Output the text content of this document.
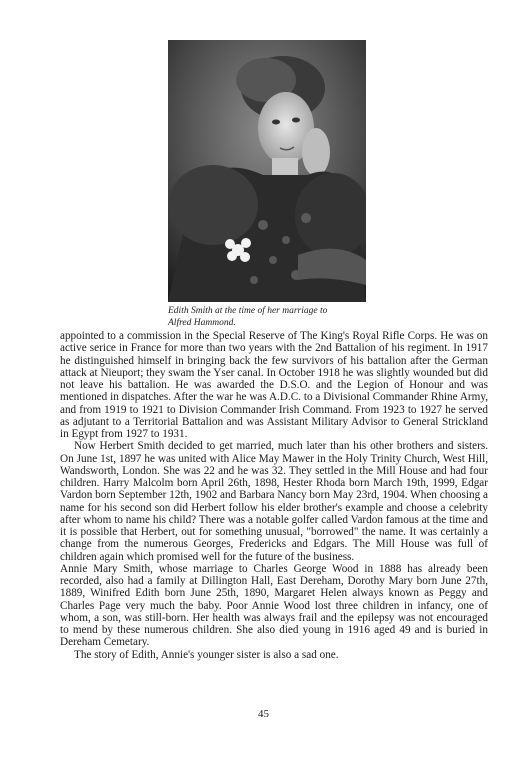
Edith Smith at the time of her marriage to
Alfred Hammond.

appointed to a commission in the Special Reserve of The King's Royal Rifle Corps. He was on active serice in France for more than two years with the 2nd Battalion of his regiment. In 1917 he distinguished himself in bringing back the few survivors of his battalion after the German attack at Nieuport; they swam the Yser canal. In October 1918 he was slightly wounded but did not leave his battalion. He was awarded the D.S.O. and the Legion of Honour and was mentioned in dispatches. After the war he was A.D.C. to a Divisional Commander Rhine Army, and from 1919 to 1921 to Division Commander Irish Command. From 1923 to 1927 he served as adjutant to a Territorial Battalion and was Assistant Military Advisor to General Strickland in Egypt from 1927 to 1931.

Now Herbert Smith decided to get married, much later than his other brothers and sisters. On June 1st, 1897 he was united with Alice May Mawer in the Holy Trinity Church, West Hill, Wandsworth, London. She was 22 and he was 32. They settled in the Mill House and had four children. Harry Malcolm born April 26th, 1898, Hester Rhoda born March 19th, 1999, Edgar Vardon born September 12th, 1902 and Barbara Nancy born May 23rd, 1904. When choosing a name for his second son did Herbert follow his elder brother's example and choose a celebrity after whom to name his child? There was a notable golfer called Vardon famous at the time and it is possible that Herbert, out for something unusual, "borrowed" the name. It was certainly a change from the numerous Georges, Fredericks and Edgars. The Mill House was full of children again which promised well for the future of the business.

Annie Mary Smith, whose marriage to Charles George Wood in 1888 has already been recorded, also had a family at Dillington Hall, East Dereham, Dorothy Mary born June 27th, 1889, Winifred Edith born June 25th, 1890, Margaret Helen always known as Peggy and Charles Page very much the baby. Poor Annie Wood lost three children in infancy, one of whom, a son, was still-born. Her health was always frail and the epilepsy was not encouraged to mend by these numerous children. She also died young in 1916 aged 49 and is buried in Dereham Cemetary.

The story of Edith, Annie's younger sister is also a sad one.

45
